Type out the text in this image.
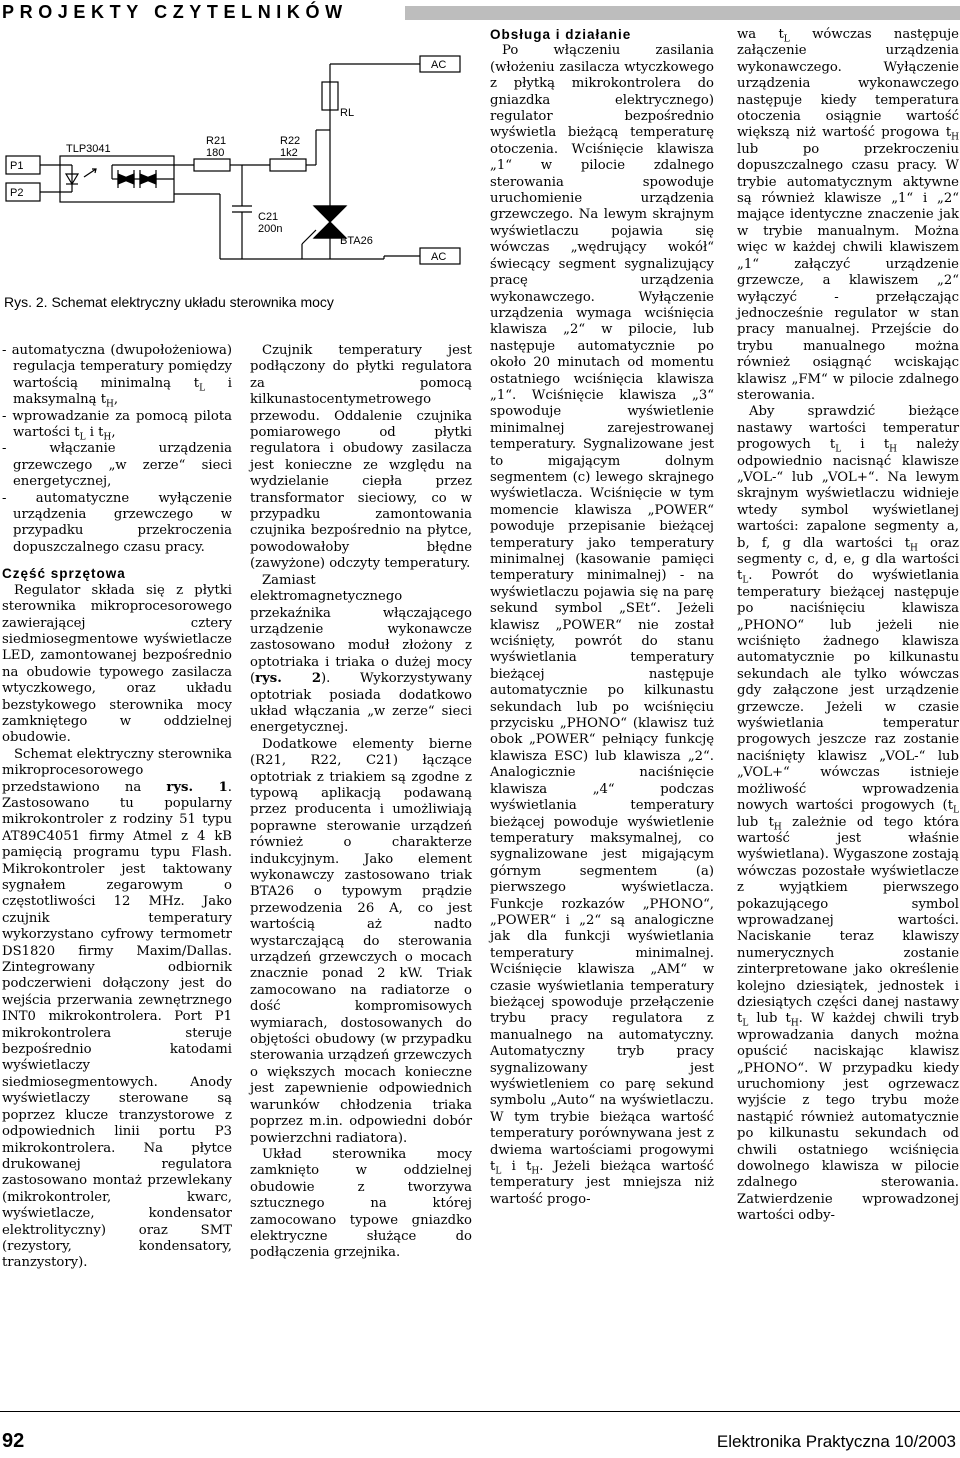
PROJEKTY CZYTELNIKÓW
P1
P2
TLP3041
R21
180
R22
1k2
C21
200n
RL
BTA26
AC
AC
Rys. 2. Schemat elektryczny układu sterownika mocy

- automatyczna (dwupołożeniowa) regulacja temperatury pomiędzy wartością minimalną $t_L$ i maksymalną $t_H$,

- wprowadzanie za pomocą pilota wartości $t_L$ i $t_H$,

- włączanie urządzenia grzewczego „w zerze“ sieci energetycznej,

- automatyczne wyłączenie urządzenia grzewczego w przypadku przekroczenia dopuszczalnego czasu pracy.

Część sprzętowa

Regulator składa się z płytki sterownika mikroprocesorowego zawierającej cztery siedmiosegmentowe wyświetlacze LED, zamontowanej bezpośrednio na obudowie typowego zasilacza wtyczkowego, oraz układu bezstykowego sterownika mocy zamkniętego w oddzielnej obudowie.

Schemat elektryczny sterownika mikroprocesorowego przedstawiono na rys. 1. Zastosowano tu popularny mikrokontroler z rodziny 51 typu AT89C4051 firmy Atmel z 4 kB pamięcią programu typu Flash. Mikrokontroler jest taktowany sygnałem zegarowym o częstotliwości 12 MHz. Jako czujnik temperatury wykorzystano cyfrowy termometr DS1820 firmy Maxim/Dallas. Zintegrowany odbiornik podczerwieni dołączony jest do wejścia przerwania zewnętrznego INT0 mikrokontrolera. Port P1 mikrokontrolera steruje bezpośrednio katodami wyświetlaczy siedmiosegmentowych. Anody wyświetlaczy sterowane są poprzez klucze tranzystorowe z odpowiednich linii portu P3 mikrokontrolera. Na płytce drukowanej regulatora zastosowano montaż przewlekany (mikrokontroler, kwarc, wyświetlacze, kondensator elektrolityczny) oraz SMT (rezystory, kondensatory, tranzystory).

Czujnik temperatury jest podłączony do płytki regulatora za pomocą kilkunastocentymetrowego przewodu. Oddalenie czujnika pomiarowego od płytki regulatora i obudowy zasilacza jest konieczne ze względu na wydzielanie ciepła przez transformator sieciowy, co w przypadku zamontowania czujnika bezpośrednio na płytce, powodowałoby błędne (zawyżone) odczyty temperatury.

Zamiast elektromagnetycznego przekaźnika włączającego urządzenie wykonawcze zastosowano moduł złożony z optotriaka i triaka o dużej mocy (rys. 2). Wykorzystywany optotriak posiada dodatkowo układ włączania „w zerze“ sieci energetycznej.

Dodatkowe elementy bierne (R21, R22, C21) łączące optotriak z triakiem są zgodne z typową aplikacją podawaną przez producenta i umożliwiają poprawne sterowanie urządzeń również o charakterze indukcyjnym. Jako element wykonawczy zastosowano triak BTA26 o typowym prądzie przewodzenia 26 A, co jest wartością aż nadto wystarczającą do sterowania urządzeń grzewczych o mocach znacznie ponad 2 kW. Triak zamocowano na radiatorze o dość kompromisowych wymiarach, dostosowanych do objętości obudowy (w przypadku sterowania urządzeń grzewczych o większych mocach konieczne jest zapewnienie odpowiednich warunków chłodzenia triaka poprzez m.in. odpowiedni dobór powierzchni radiatora).

Układ sterownika mocy zamknięto w oddzielnej obudowie z tworzywa sztucznego na której zamocowano typowe gniazdko elektryczne służące do podłączenia grzejnika.

Obsługa i działanie

Po włączeniu zasilania (włożeniu zasilacza wtyczkowego z płytką mikrokontrolera do gniazdka elektrycznego) regulator bezpośrednio wyświetla bieżącą temperaturę otoczenia. Wciśnięcie klawisza „1“ w pilocie zdalnego sterowania spowoduje uruchomienie urządzenia grzewczego. Na lewym skrajnym wyświetlaczu pojawia się wówczas „wędrujący wokół“ świecący segment sygnalizujący pracę urządzenia wykonawczego. Wyłączenie urządzenia wymaga wciśnięcia klawisza „2“ w pilocie, lub następuje automatycznie po około 20 minutach od momentu ostatniego wciśnięcia klawisza „1“. Wciśnięcie klawisza „3“ spowoduje wyświetlenie minimalnej zarejestrowanej temperatury. Sygnalizowane jest to migającym dolnym segmentem (c) lewego skrajnego wyświetlacza. Wciśnięcie w tym momencie klawisza „POWER“ powoduje przepisanie bieżącej temperatury jako temperatury minimalnej (kasowanie pamięci temperatury minimalnej) - na wyświetlaczu pojawia się na parę sekund symbol „SEt“. Jeżeli klawisz „POWER“ nie został wciśnięty, powrót do stanu wyświetlania temperatury bieżącej następuje automatycznie po kilkunastu sekundach lub po wciśnięciu przycisku „PHONO“ (klawisz tuż obok „POWER“ pełniący funkcję klawisza ESC) lub klawisza „2“. Analogicznie naciśnięcie klawisza „4“ podczas wyświetlania temperatury bieżącej powoduje wyświetlenie temperatury maksymalnej, co sygnalizowane jest migającym górnym segmentem (a) pierwszego wyświetlacza. Funkcje rozkazów „PHONO“, „POWER“ i „2“ są analogiczne jak dla funkcji wyświetlania temperatury minimalnej. Wciśnięcie klawisza „AM“ w czasie wyświetlania temperatury bieżącej spowoduje przełączenie trybu pracy regulatora z manualnego na automatyczny. Automatyczny tryb pracy sygnalizowany jest wyświetleniem co parę sekund symbolu „Auto“ na wyświetlaczu. W tym trybie bieżąca wartość temperatury porównywana jest z dwiema wartościami progowymi $t_L$ i $t_H$. Jeżeli bieżąca wartość temperatury jest mniejsza niż wartość progo-

wa $t_L$ wówczas następuje załączenie urządzenia wykonawczego. Wyłączenie urządzenia wykonawczego następuje kiedy temperatura otoczenia osiągnie wartość większą niż wartość progowa $t_H$ lub po przekroczeniu dopuszczalnego czasu pracy. W trybie automatycznym aktywne są również klawisze „1“ i „2“ mające identyczne znaczenie jak w trybie manualnym. Można więc w każdej chwili klawiszem „1“ załączyć urządzenie grzewcze, a klawiszem „2“ wyłączyć - przełączając jednocześnie regulator w stan pracy manualnej. Przejście do trybu manualnego można również osiągnąć wciskając klawisz „FM“ w pilocie zdalnego sterowania.

Aby sprawdzić bieżące nastawy wartości temperatur progowych $t_L$ i $t_H$ należy odpowiednio nacisnąć klawisze „VOL-“ lub „VOL+“. Na lewym skrajnym wyświetlaczu widnieje wtedy symbol wyświetlanej wartości: zapalone segmenty a, b, f, g dla wartości $t_H$ oraz segmenty c, d, e, g dla wartości $t_L$. Powrót do wyświetlania temperatury bieżącej następuje po naciśnięciu klawisza „PHONO“ lub jeżeli nie wciśnięto żadnego klawisza automatycznie po kilkunastu sekundach ale tylko wówczas gdy załączone jest urządzenie grzewcze. Jeżeli w czasie wyświetlania temperatur progowych jeszcze raz zostanie naciśnięty klawisz „VOL-“ lub „VOL+“ wówczas istnieje możliwość wprowadzenia nowych wartości progowych ($t_L$ lub $t_H$ zależnie od tego która wartość jest właśnie wyświetlana). Wygaszone zostają wówczas pozostałe wyświetlacze z wyjątkiem pierwszego pokazującego symbol wprowadzanej wartości. Naciskanie teraz klawiszy numerycznych zostanie zinterpretowane jako określenie kolejno dziesiątek, jednostek i dziesiątych części danej nastawy $t_L$ lub $t_H$. W każdej chwili tryb wprowadzania danych można opuścić naciskając klawisz „PHONO“. W przypadku kiedy uruchomiony jest ogrzewacz wyjście z tego trybu może nastąpić również automatycznie po kilkunastu sekundach od chwili ostatniego wciśnięcia dowolnego klawisza w pilocie zdalnego sterowania. Zatwierdzenie wprowadzonej wartości odby-

92	Elektronika Praktyczna 10/2003
